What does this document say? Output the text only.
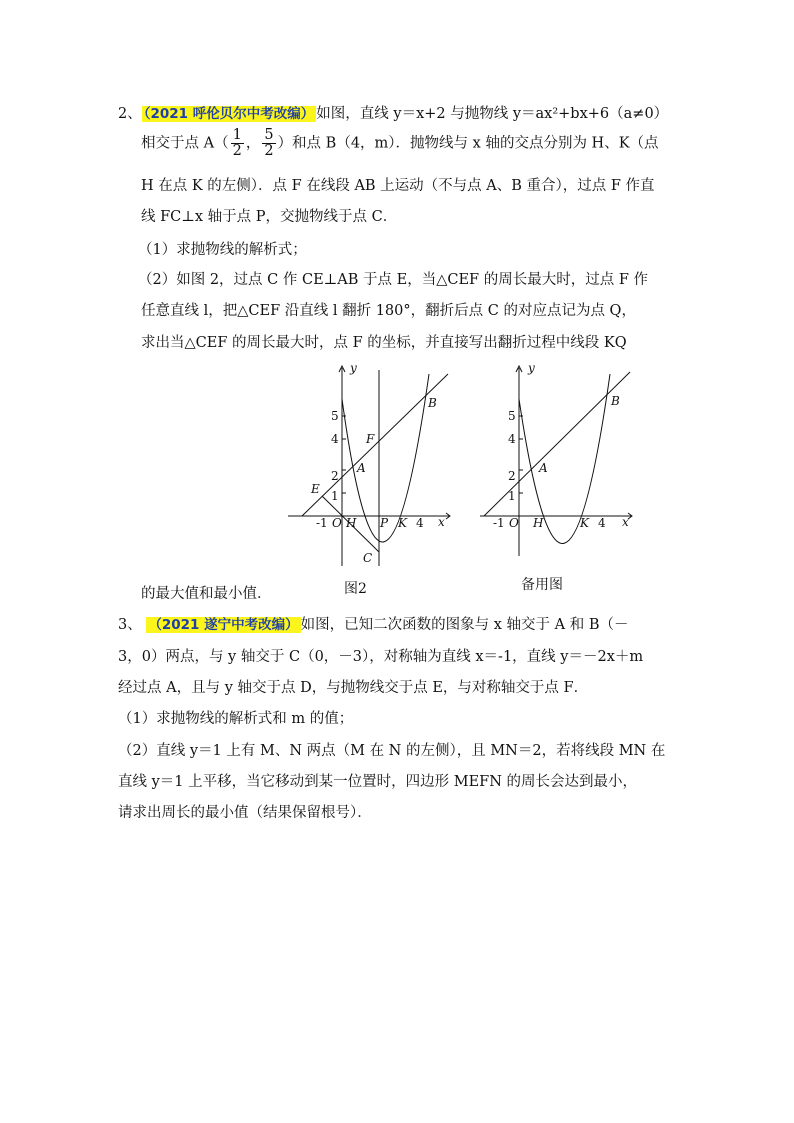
2、 （2021 呼伦贝尔中考改编） 如图，直线 y＝x+2 与抛物线 y＝ax²+bx+6（a≠0）
相交于点 $A( \frac{1}{2}$ ， $\frac{5}{2}$ ）和点 B（4，m）．抛物线与 x 轴的交点分别为 H、K（点
H 在点 K 的左侧）．点 F 在线段 AB 上运动（不与点 A、B 重合），过点 F 作直
线 FC⊥x 轴于点 P，交抛物线于点 C．
（1）求抛物线的解析式；
（2）如图 2，过点 C 作 CE⊥AB 于点 E，当△CEF 的周长最大时，过点 F 作
任意直线 l，把△CEF 沿直线 l 翻折 180°，翻折后点 C 的对应点记为点 Q，
求出当△CEF 的周长最大时，点 F 的坐标，并直接写出翻折过程中线段 KQ
y
x
B
F
A
E
H P K
C
O
-1	4
5
4
2
1
图2
y
x
B
A
H	K
O
-1	4
5
4
2
1
备用图
的最大值和最小值．
3、 （2021 遂宁中考改编） 如图，已知二次函数的图象与 x 轴交于 A 和 B（－
3，0）两点，与 y 轴交于 C（0，－3），对称轴为直线 x＝-1，直线 y＝－2x＋m
经过点 A，且与 y 轴交于点 D，与抛物线交于点 E，与对称轴交于点 F．
（1）求抛物线的解析式和 m 的值；
（2）直线 y＝1 上有 M、N 两点（M 在 N 的左侧），且 MN＝2，若将线段 MN 在
直线 y＝1 上平移，当它移动到某一位置时，四边形 MEFN 的周长会达到最小，
请求出周长的最小值（结果保留根号）．
